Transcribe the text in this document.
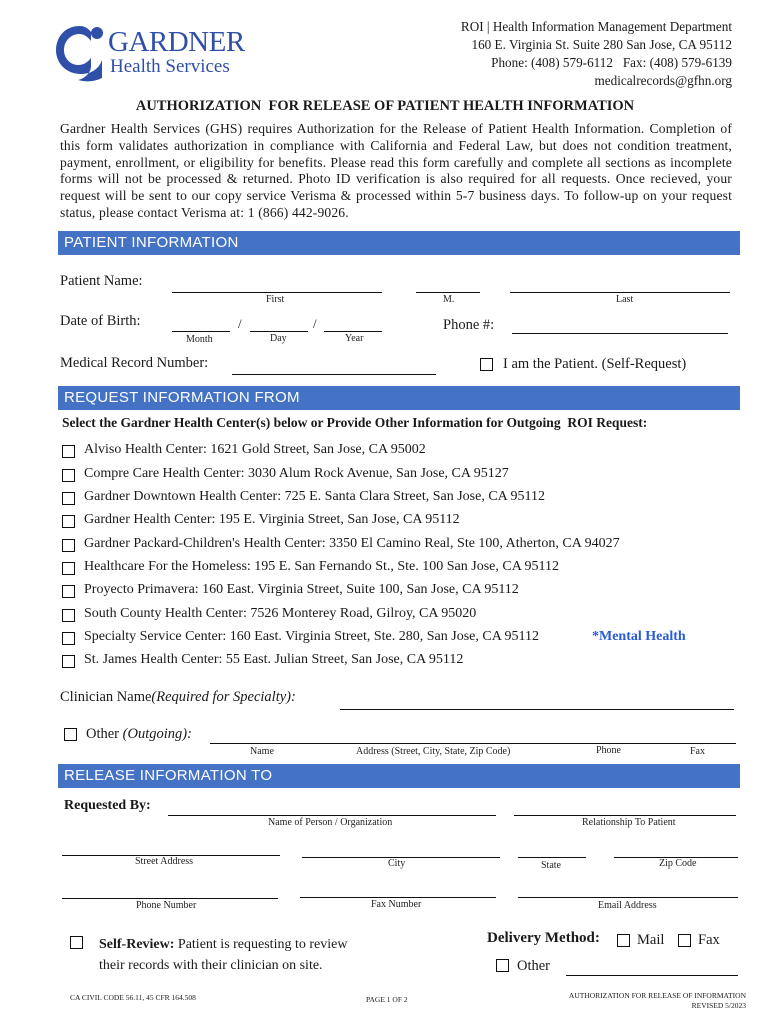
GARDNER
Health Services
ROI | Health Information Management Department
160 E. Virginia St. Suite 280 San Jose, CA 95112
Phone: (408) 579-6112   Fax: (408) 579-6139
medicalrecords@gfhn.org
AUTHORIZATION  FOR RELEASE OF PATIENT HEALTH INFORMATION
Gardner Health Services (GHS) requires Authorization for the Release of Patient Health Information. Completion of this form validates authorization in compliance with California and Federal Law, but does not condition treatment, payment, enrollment, or eligibility for benefits. Please read this form carefully and complete all sections as incomplete forms will not be processed & returned. Photo ID verification is also required for all requests. Once recieved, your request will be sent to our copy service Verisma & processed within 5-7 business days. To follow-up on your request status, please contact Verisma at: 1 (866) 442-9026.
PATIENT INFORMATION
Patient Name:
First	M.	Last
Date of Birth:	/	/
Month	Day	Year
Phone #:
Medical Record Number:	I am the Patient. (Self-Request)
REQUEST INFORMATION FROM
Select the Gardner Health Center(s) below or Provide Other Information for Outgoing  ROI Request:
Alviso Health Center: 1621 Gold Street, San Jose, CA 95002
Compre Care Health Center: 3030 Alum Rock Avenue, San Jose, CA 95127
Gardner Downtown Health Center: 725 E. Santa Clara Street, San Jose, CA 95112
Gardner Health Center: 195 E. Virginia Street, San Jose, CA 95112
Gardner Packard-Children's Health Center: 3350 El Camino Real, Ste 100, Atherton, CA 94027
Healthcare For the Homeless: 195 E. San Fernando St., Ste. 100 San Jose, CA 95112
Proyecto Primavera: 160 East. Virginia Street, Suite 100, San Jose, CA 95112
South County Health Center: 7526 Monterey Road, Gilroy, CA 95020
Specialty Service Center: 160 East. Virginia Street, Ste. 280, San Jose, CA 95112
St. James Health Center: 55 East. Julian Street, San Jose, CA 95112
*Mental Health
Clinician Name(Required for Specialty):
Other (Outgoing):
Name	Address (Street, City, State, Zip Code)	Phone	Fax
RELEASE INFORMATION TO
Requested By:
Name of Person / Organization	Relationship To Patient
Street Address	City	State	Zip Code
Phone Number	Fax Number	Email Address
Self-Review: Patient is requesting to review
their records with their clinician on site.
Delivery Method:	Mail Fax
Other
CA CIVIL CODE 56.11, 45 CFR 164.508	PAGE 1 OF 2	AUTHORIZATION FOR RELEASE OF INFORMATION
REVISED 5/2023
